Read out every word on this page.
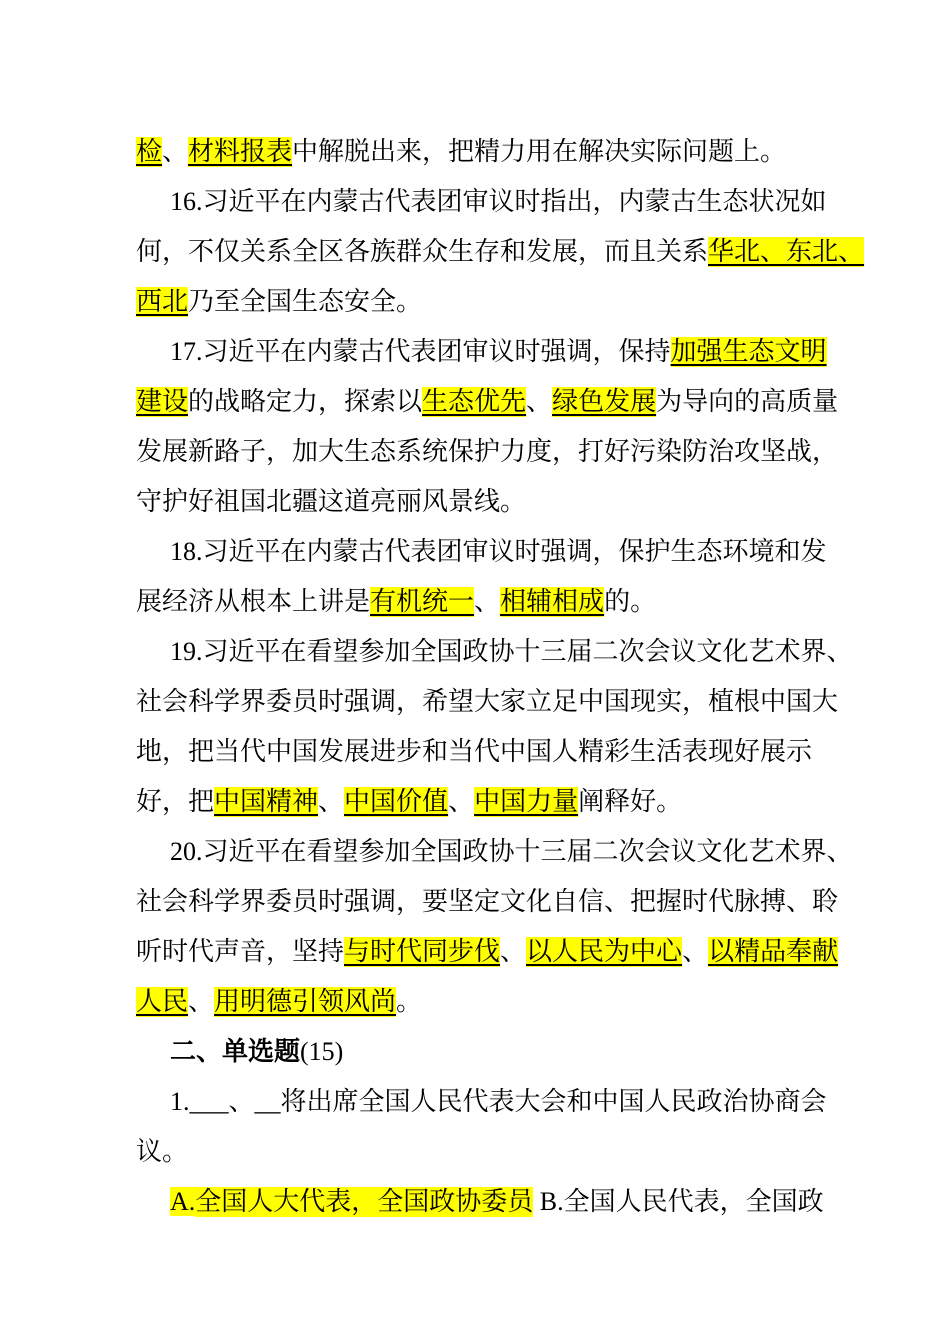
检、材料报表中解脱出来，把精力用在解决实际问题上。
16.习近平在内蒙古代表团审议时指出，内蒙古生态状况如
何，不仅关系全区各族群众生存和发展，而且关系华北、东北、
西北乃至全国生态安全。
17.习近平在内蒙古代表团审议时强调，保持加强生态文明
建设的战略定力，探索以生态优先、绿色发展为导向的高质量
发展新路子，加大生态系统保护力度，打好污染防治攻坚战，
守护好祖国北疆这道亮丽风景线。
18.习近平在内蒙古代表团审议时强调，保护生态环境和发
展经济从根本上讲是有机统一、相辅相成的。
19.习近平在看望参加全国政协十三届二次会议文化艺术界、
社会科学界委员时强调，希望大家立足中国现实，植根中国大
地，把当代中国发展进步和当代中国人精彩生活表现好展示
好，把中国精神、中国价值、中国力量阐释好。
20.习近平在看望参加全国政协十三届二次会议文化艺术界、
社会科学界委员时强调，要坚定文化自信、把握时代脉搏、聆
听时代声音，坚持与时代同步伐、以人民为中心、以精品奉献
人民、用明德引领风尚。
二、单选题(15)
1.___、__将出席全国人民代表大会和中国人民政治协商会
议。
A.全国人大代表，全国政协委员 B.全国人民代表，全国政
